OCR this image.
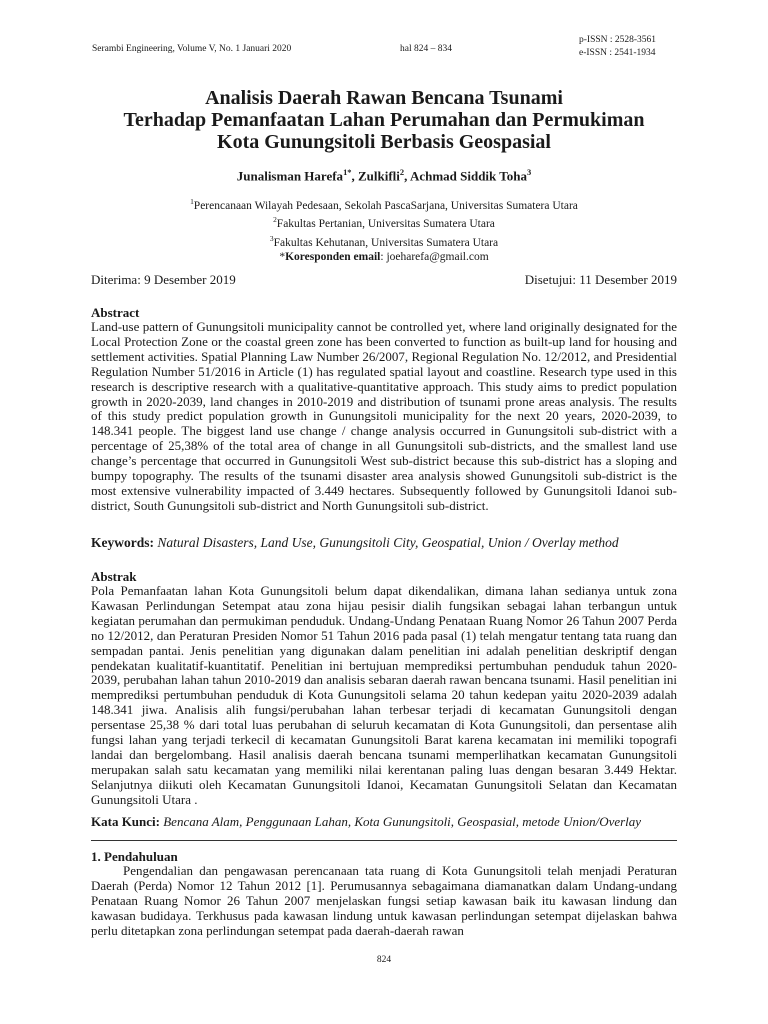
Serambi Engineering, Volume V, No. 1 Januari 2020	hal 824 – 834
p-ISSN : 2528-3561
e-ISSN : 2541-1934
Analisis Daerah Rawan Bencana Tsunami
Terhadap Pemanfaatan Lahan Perumahan dan Permukiman
Kota Gunungsitoli Berbasis Geospasial
Junalisman Harefa$^{1*}$, Zulkifli$^2$, Achmad Siddik Toha$^3$
$^1$Perencanaan Wilayah Pedesaan, Sekolah PascaSarjana, Universitas Sumatera Utara
$^2$Fakultas Pertanian, Universitas Sumatera Utara
$^3$Fakultas Kehutanan, Universitas Sumatera Utara
*Koresponden email: joeharefa@gmail.com
Diterima: 9 Desember 2019	Disetujui: 11 Desember 2019
Abstract
Land-use pattern of Gunungsitoli municipality cannot be controlled yet, where land originally designated for the Local Protection Zone or the coastal green zone has been converted to function as built-up land for housing and settlement activities. Spatial Planning Law Number 26/2007, Regional Regulation No. 12/2012, and Presidential Regulation Number 51/2016 in Article (1) has regulated spatial layout and coastline. Research type used in this research is descriptive research with a qualitative-quantitative approach. This study aims to predict population growth in 2020-2039, land changes in 2010-2019 and distribution of tsunami prone areas analysis. The results of this study predict population growth in Gunungsitoli municipality for the next 20 years, 2020-2039, to 148.341 people. The biggest land use change / change analysis occurred in Gunungsitoli sub-district with a percentage of 25,38% of the total area of change in all Gunungsitoli sub-districts, and the smallest land use change’s percentage that occurred in Gunungsitoli West sub-district because this sub-district has a sloping and bumpy topography. The results of the tsunami disaster area analysis showed Gunungsitoli sub-district is the most extensive vulnerability impacted of 3.449 hectares. Subsequently followed by Gunungsitoli Idanoi sub-district, South Gunungsitoli sub-district and North Gunungsitoli sub-district.
Keywords: Natural Disasters, Land Use, Gunungsitoli City, Geospatial, Union / Overlay method
Abstrak
Pola Pemanfaatan lahan Kota Gunungsitoli belum dapat dikendalikan, dimana lahan sedianya untuk zona Kawasan Perlindungan Setempat atau zona hijau pesisir dialih fungsikan sebagai lahan terbangun untuk kegiatan perumahan dan permukiman penduduk. Undang-Undang Penataan Ruang Nomor 26 Tahun 2007 Perda no 12/2012, dan Peraturan Presiden Nomor 51 Tahun 2016 pada pasal (1) telah mengatur tentang tata ruang dan sempadan pantai. Jenis penelitian yang digunakan dalam penelitian ini adalah penelitian deskriptif dengan pendekatan kualitatif-kuantitatif. Penelitian ini bertujuan memprediksi pertumbuhan penduduk tahun 2020-2039, perubahan lahan tahun 2010-2019 dan analisis sebaran daerah rawan bencana tsunami. Hasil penelitian ini memprediksi pertumbuhan penduduk di Kota Gunungsitoli selama 20 tahun kedepan yaitu 2020-2039 adalah 148.341 jiwa. Analisis alih fungsi/perubahan lahan terbesar terjadi di kecamatan Gunungsitoli dengan persentase 25,38 % dari total luas perubahan di seluruh kecamatan di Kota Gunungsitoli, dan persentase alih fungsi lahan yang terjadi terkecil di kecamatan Gunungsitoli Barat karena kecamatan ini memiliki topografi landai dan bergelombang. Hasil analisis daerah bencana tsunami memperlihatkan kecamatan Gunungsitoli merupakan salah satu kecamatan yang memiliki nilai kerentanan paling luas dengan besaran 3.449 Hektar. Selanjutnya diikuti oleh Kecamatan Gunungsitoli Idanoi, Kecamatan Gunungsitoli Selatan dan Kecamatan Gunungsitoli Utara .
Kata Kunci: Bencana Alam, Penggunaan Lahan, Kota Gunungsitoli, Geospasial, metode Union/Overlay
1. Pendahuluan
Pengendalian dan pengawasan perencanaan tata ruang di Kota Gunungsitoli telah menjadi Peraturan Daerah (Perda) Nomor 12 Tahun 2012 [1]. Perumusannya sebagaimana diamanatkan dalam Undang-undang Penataan Ruang Nomor 26 Tahun 2007 menjelaskan fungsi setiap kawasan baik itu kawasan lindung dan kawasan budidaya. Terkhusus pada kawasan lindung untuk kawasan perlindungan setempat dijelaskan bahwa perlu ditetapkan zona perlindungan setempat pada daerah-daerah rawan
824
